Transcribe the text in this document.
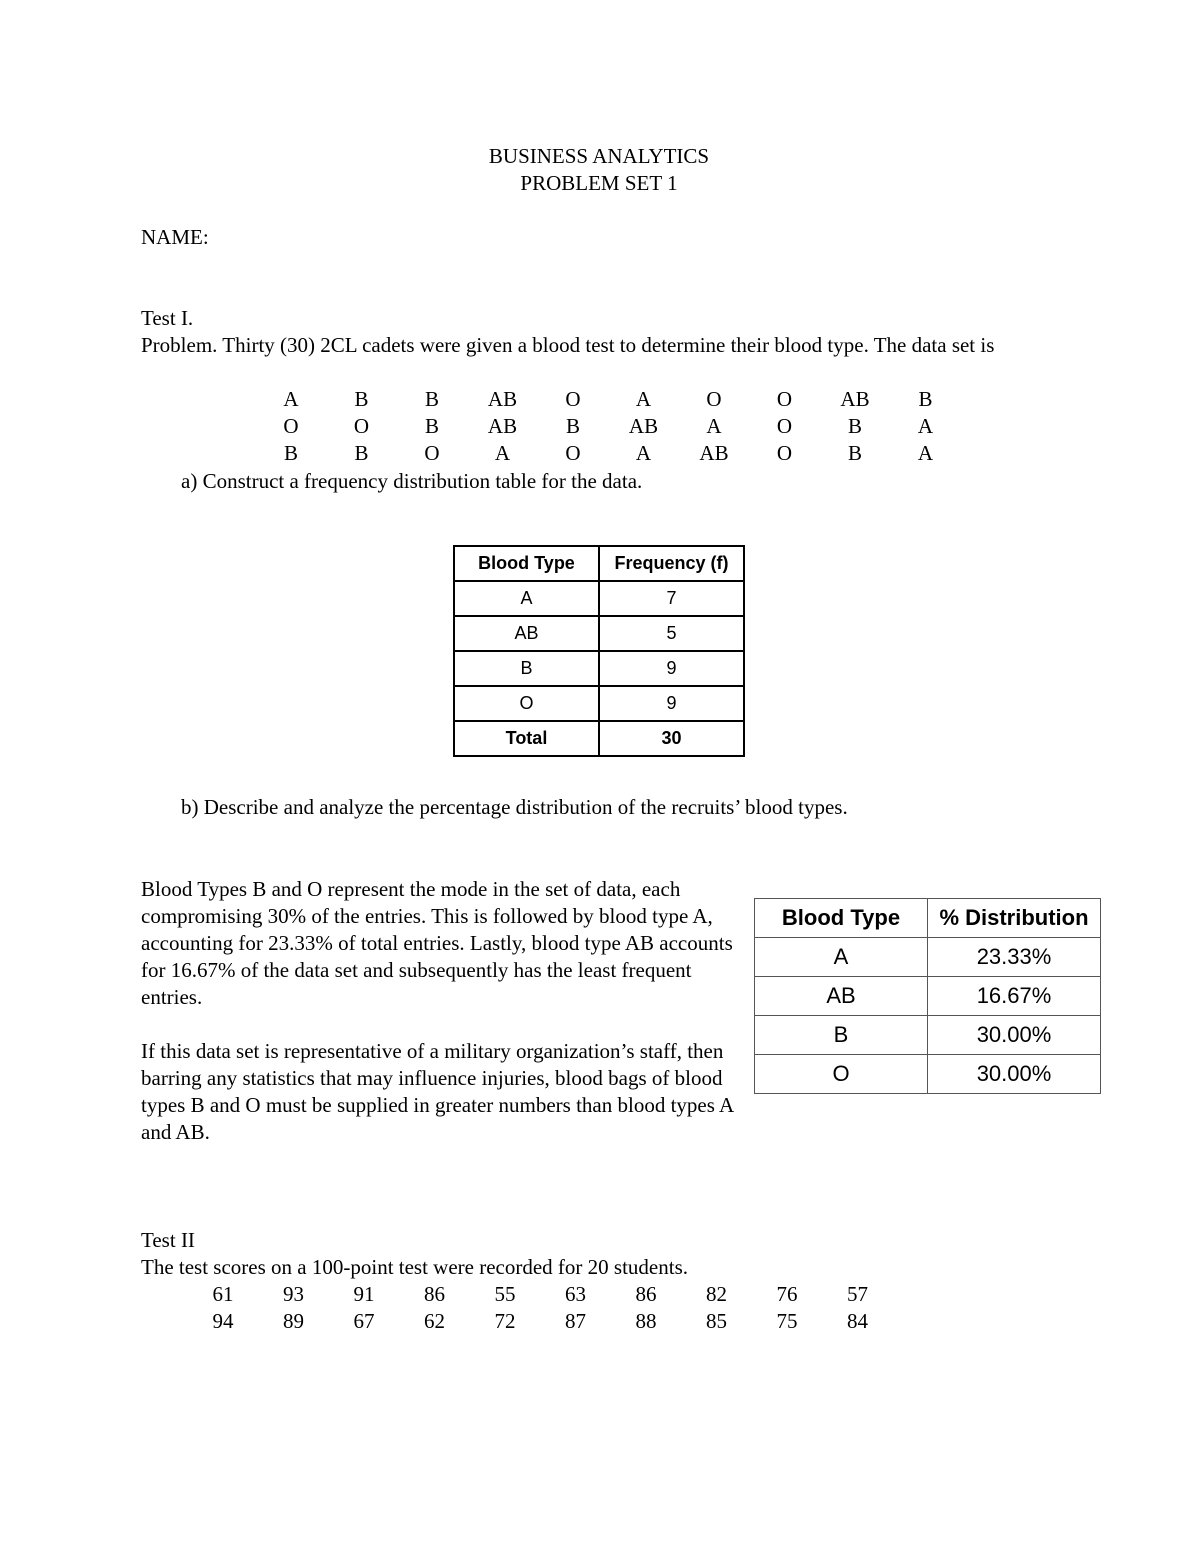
BUSINESS ANALYTICS
PROBLEM SET 1
NAME:
Test I.
Problem. Thirty (30) 2CL cadets were given a blood test to determine their blood type. The data set is
A	B	B	AB	O	A	O	O	AB	B
O	O	B	AB	B	AB	A	O	B	A
B	B	O	A	O	A	AB	O	B	A
a) Construct a frequency distribution table for the data.
Blood Type	Frequency (f)
A	7
AB	5
B	9
O	9
Total	30
b) Describe and analyze the percentage distribution of the recruits’ blood types.

Blood Types B and O represent the mode in the set of data, each compromising 30% of the entries. This is followed by blood type A, accounting for 23.33% of total entries. Lastly, blood type AB accounts for 16.67% of the data set and subsequently has the least frequent entries.

If this data set is representative of a military organization’s staff, then barring any statistics that may influence injuries, blood bags of blood types B and O must be supplied in greater numbers than blood types A and AB.

Blood Type	% Distribution
A	23.33%
AB	16.67%
B	30.00%
O	30.00%
Test II
The test scores on a 100-point test were recorded for 20 students.
61	93	91	86	55	63	86	82	76	57
94	89	67	62	72	87	88	85	75	84
